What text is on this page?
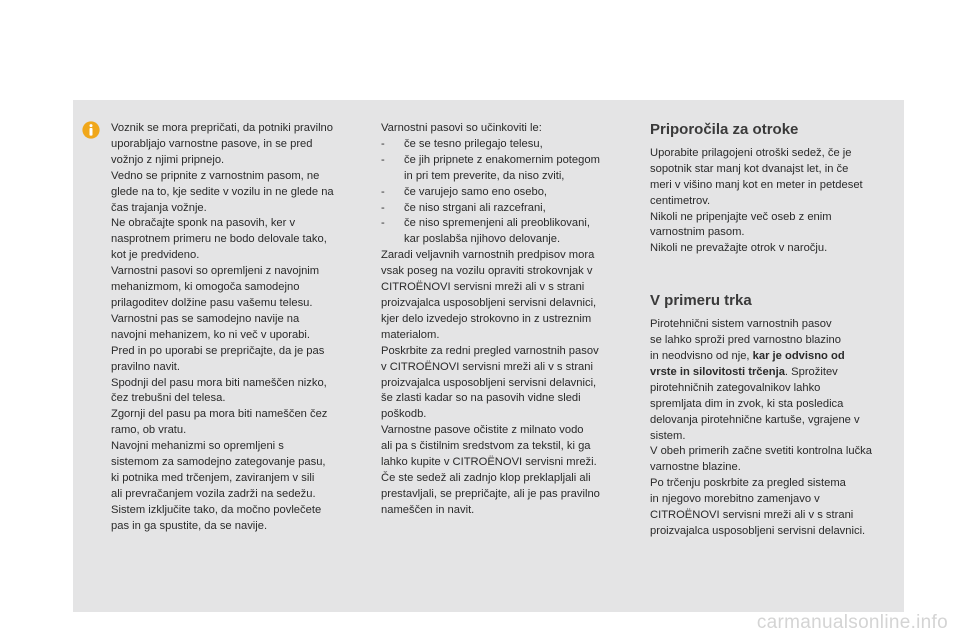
Voznik se mora prepričati, da potniki pravilno
uporabljajo varnostne pasove, in se pred
vožnjo z njimi pripnejo.
Vedno se pripnite z varnostnim pasom, ne
glede na to, kje sedite v vozilu in ne glede na
čas trajanja vožnje.
Ne obračajte sponk na pasovih, ker v
nasprotnem primeru ne bodo delovale tako,
kot je predvideno.
Varnostni pasovi so opremljeni z navojnim
mehanizmom, ki omogoča samodejno
prilagoditev dolžine pasu vašemu telesu.
Varnostni pas se samodejno navije na
navojni mehanizem, ko ni več v uporabi.
Pred in po uporabi se prepričajte, da je pas
pravilno navit.
Spodnji del pasu mora biti nameščen nizko,
čez trebušni del telesa.
Zgornji del pasu pa mora biti nameščen čez
ramo, ob vratu.
Navojni mehanizmi so opremljeni s
sistemom za samodejno zategovanje pasu,
ki potnika med trčenjem, zaviranjem v sili
ali prevračanjem vozila zadrži na sedežu.
Sistem izključite tako, da močno povlečete
pas in ga spustite, da se navije.
Varnostni pasovi so učinkoviti le:
- če se tesno prilegajo telesu,
- če jih pripnete z enakomernim potegom
in pri tem preverite, da niso zviti,
- če varujejo samo eno osebo,
- če niso strgani ali razcefrani,
- če niso spremenjeni ali preoblikovani,
kar poslabša njihovo delovanje.
Zaradi veljavnih varnostnih predpisov mora
vsak poseg na vozilu opraviti strokovnjak v
CITROËNOVI servisni mreži ali v s strani
proizvajalca usposobljeni servisni delavnici,
kjer delo izvedejo strokovno in z ustreznim
materialom.
Poskrbite za redni pregled varnostnih pasov
v CITROËNOVI servisni mreži ali v s strani
proizvajalca usposobljeni servisni delavnici,
še zlasti kadar so na pasovih vidne sledi
poškodb.
Varnostne pasove očistite z milnato vodo
ali pa s čistilnim sredstvom za tekstil, ki ga
lahko kupite v CITROËNOVI servisni mreži.
Če ste sedež ali zadnjo klop preklapljali ali
prestavljali, se prepričajte, ali je pas pravilno
nameščen in navit.
Priporočila za otroke
Uporabite prilagojeni otroški sedež, če je
sopotnik star manj kot dvanajst let, in če
meri v višino manj kot en meter in petdeset
centimetrov.
Nikoli ne pripenjajte več oseb z enim
varnostnim pasom.
Nikoli ne prevažajte otrok v naročju.
V primeru trka
Pirotehnični sistem varnostnih pasov
se lahko sproži pred varnostno blazino
in neodvisno od nje, kar je odvisno od
vrste in silovitosti trčenja. Sprožitev
pirotehničnih zategovalnikov lahko
spremljata dim in zvok, ki sta posledica
delovanja pirotehnične kartuše, vgrajene v
sistem.
V obeh primerih začne svetiti kontrolna lučka
varnostne blazine.
Po trčenju poskrbite za pregled sistema
in njegovo morebitno zamenjavo v
CITROËNOVI servisni mreži ali v s strani
proizvajalca usposobljeni servisni delavnici.
carmanualsonline.info
